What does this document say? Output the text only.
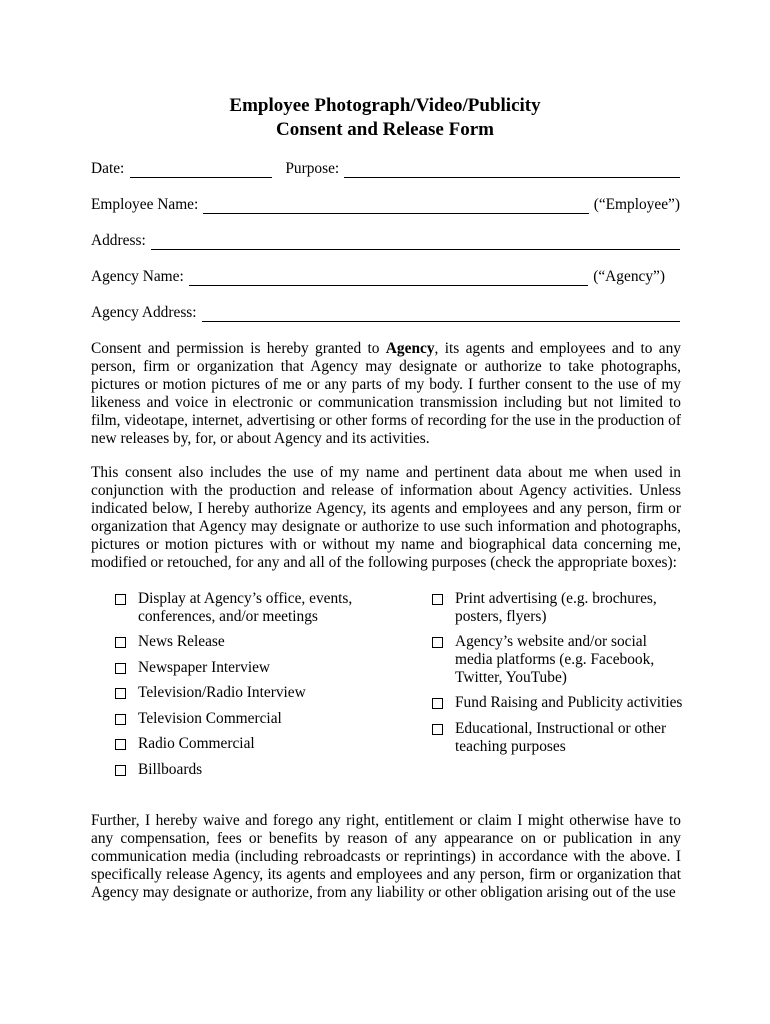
Employee Photograph/Video/Publicity
Consent and Release Form
Date:	Purpose:
Employee Name:	(“Employee”)
Address:
Agency Name:	(“Agency”)
Agency Address:

Consent and permission is hereby granted to Agency, its agents and employees and to any person, firm or organization that Agency may designate or authorize to take photographs, pictures or motion pictures of me or any parts of my body. I further consent to the use of my likeness and voice in electronic or communication transmission including but not limited to film, videotape, internet, advertising or other forms of recording for the use in the production of new releases by, for, or about Agency and its activities.

This consent also includes the use of my name and pertinent data about me when used in conjunction with the production and release of information about Agency activities. Unless indicated below, I hereby authorize Agency, its agents and employees and any person, firm or organization that Agency may designate or authorize to use such information and photographs, pictures or motion pictures with or without my name and biographical data concerning me, modified or retouched, for any and all of the following purposes (check the appropriate boxes):

Display at Agency’s office, events, conferences, and/or meetings
News Release
Newspaper Interview
Television/Radio Interview
Television Commercial
Radio Commercial
Billboards
Print advertising (e.g. brochures, posters, flyers)
Agency’s website and/or social media platforms (e.g. Facebook, Twitter, YouTube)
Fund Raising and Publicity activities
Educational, Instructional or other teaching purposes

Further, I hereby waive and forego any right, entitlement or claim I might otherwise have to any compensation, fees or benefits by reason of any appearance on or publication in any communication media (including rebroadcasts or reprintings) in accordance with the above. I specifically release Agency, its agents and employees and any person, firm or organization that Agency may designate or authorize, from any liability or other obligation arising out of the use
